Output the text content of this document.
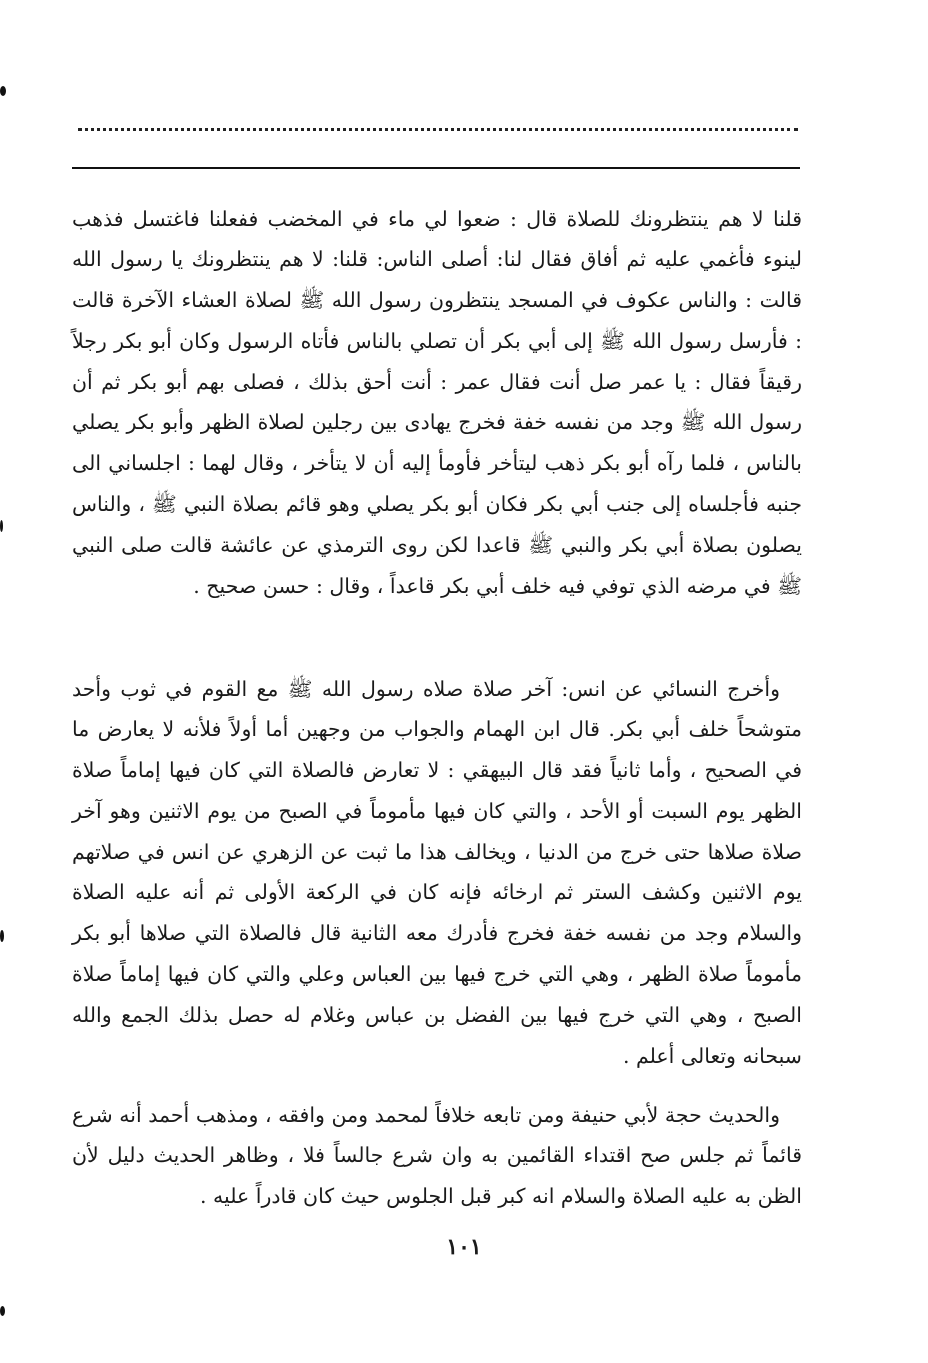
قلنا لا هم ينتظرونك للصلاة قال : ضعوا لي ماء في المخضب ففعلنا فاغتسل فذهب لينوء فأغمي عليه ثم أفاق فقال لنا: أصلى الناس: قلنا: لا هم ينتظرونك يا رسول الله قالت : والناس عكوف في المسجد ينتظرون رسول الله ﷺ لصلاة العشاء الآخرة قالت : فأرسل رسول الله ﷺ إلى أبي بكر أن تصلي بالناس فأتاه الرسول وكان أبو بكر رجلاً رقيقاً فقال : يا عمر صل أنت فقال عمر : أنت أحق بذلك ، فصلى بهم أبو بكر ثم أن رسول الله ﷺ وجد من نفسه خفة فخرج يهادى بين رجلين لصلاة الظهر وأبو بكر يصلي بالناس ، فلما رآه أبو بكر ذهب ليتأخر فأومأ إليه أن لا يتأخر ، وقال لهما : اجلساني الى جنبه فأجلساه إلى جنب أبي بكر فكان أبو بكر يصلي وهو قائم بصلاة النبي ﷺ ، والناس يصلون بصلاة أبي بكر والنبي ﷺ قاعدا لكن روى الترمذي عن عائشة قالت صلى النبي ﷺ في مرضه الذي توفي فيه خلف أبي بكر قاعداً ، وقال : حسن صحيح .

وأخرج النسائي عن انس: آخر صلاة صلاه رسول الله ﷺ مع القوم في ثوب وأحد متوشحاً خلف أبي بكر. قال ابن الهمام والجواب من وجهين أما أولاً فلأنه لا يعارض ما في الصحيح ، وأما ثانياً فقد قال البيهقي : لا تعارض فالصلاة التي كان فيها إماماً صلاة الظهر يوم السبت أو الأحد ، والتي كان فيها مأموماً في الصبح من يوم الاثنين وهو آخر صلاة صلاها حتى خرج من الدنيا ، ويخالف هذا ما ثبت عن الزهري عن انس في صلاتهم يوم الاثنين وكشف الستر ثم ارخائه فإنه كان في الركعة الأولى ثم أنه عليه الصلاة والسلام وجد من نفسه خفة فخرج فأدرك معه الثانية قال فالصلاة التي صلاها أبو بكر مأموماً صلاة الظهر ، وهي التي خرج فيها بين العباس وعلي والتي كان فيها إماماً صلاة الصبح ، وهي التي خرج فيها بين الفضل بن عباس وغلام له حصل بذلك الجمع والله سبحانه وتعالى أعلم .

والحديث حجة لأبي حنيفة ومن تابعه خلافاً لمحمد ومن وافقه ، ومذهب أحمد أنه شرع قائماً ثم جلس صح اقتداء القائمين به وان شرع جالساً فلا ، وظاهر الحديث دليل لأن الظن به عليه الصلاة والسلام انه كبر قبل الجلوس حيث كان قادراً عليه .

١٠١
